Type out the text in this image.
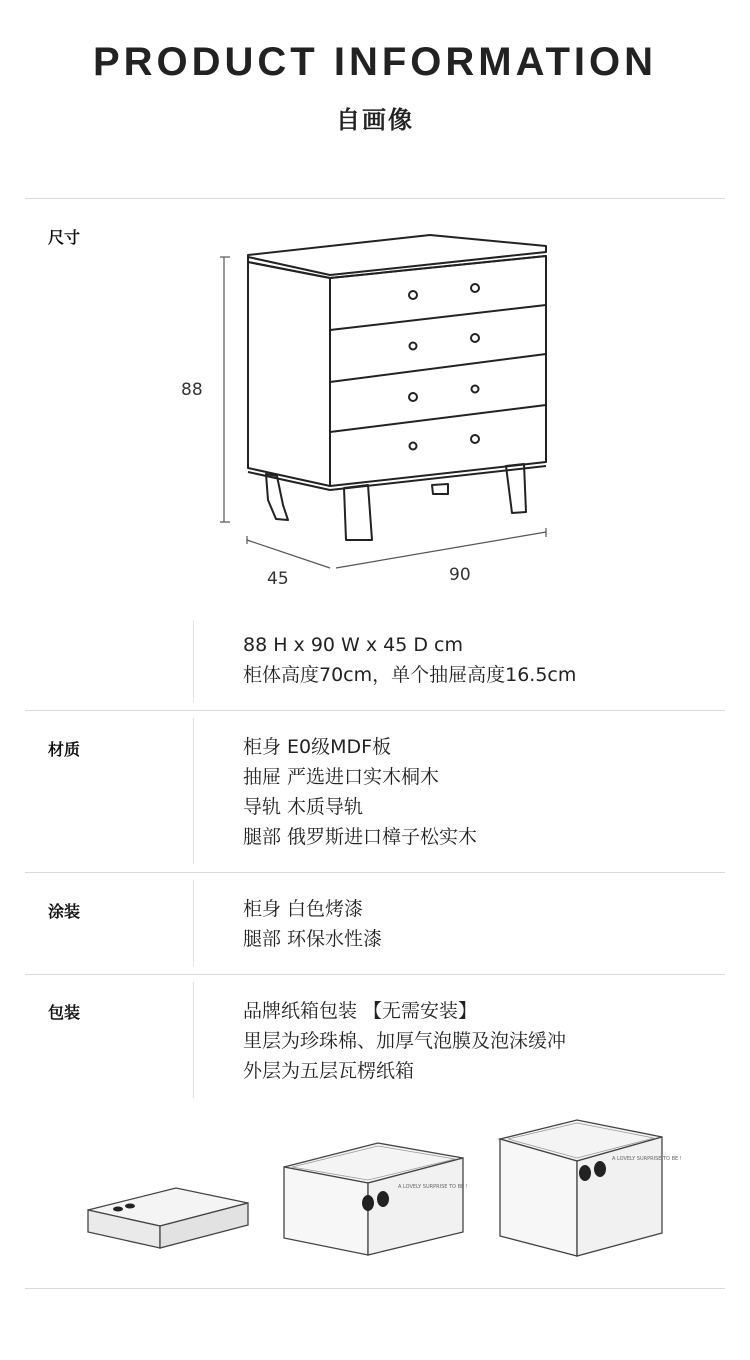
PRODUCT INFORMATION
自画像
尺寸
88
45	90
88 H x 90 W x 45 D cm
柜体高度70cm，单个抽屉高度16.5cm
材质	柜身 E0级MDF板
抽屉 严选进口实木桐木
导轨 木质导轨
腿部 俄罗斯进口樟子松实木
涂装	柜身 白色烤漆
腿部 环保水性漆
包装	品牌纸箱包装 【无需安装】
里层为珍珠棉、加厚气泡膜及泡沫缓冲
外层为五层瓦楞纸箱
A LOVELY SURPRISE TO BE !
A LOVELY SURPRISE TO BE !
